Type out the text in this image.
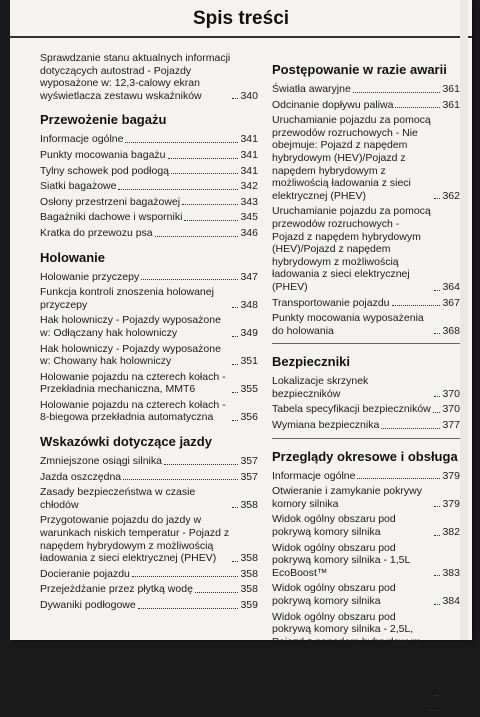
Spis treści
Sprawdzanie stanu aktualnych informacji dotyczących autostrad - Pojazdy wyposażone w: 12,3-calowy ekran wyświetlacza zestawu wskaźników	340
Przewożenie bagażu
Informacje ogólne	341
Punkty mocowania bagażu	341
Tylny schowek pod podłogą	341
Siatki bagażowe	342
Osłony przestrzeni bagażowej	343
Bagażniki dachowe i wsporniki	345
Kratka do przewozu psa	346
Holowanie
Holowanie przyczepy	347
Funkcja kontroli znoszenia holowanej przyczepy	348
Hak holowniczy - Pojazdy wyposażone w: Odłączany hak holowniczy	349
Hak holowniczy - Pojazdy wyposażone w: Chowany hak holowniczy	351
Holowanie pojazdu na czterech kołach - Przekładnia mechaniczna, MMT6	355
Holowanie pojazdu na czterech kołach - 8-biegowa przekładnia automatyczna	356
Wskazówki dotyczące jazdy
Zmniejszone osiągi silnika	357
Jazda oszczędna	357
Zasady bezpieczeństwa w czasie chłodów	358
Przygotowanie pojazdu do jazdy w warunkach niskich temperatur - Pojazd z napędem hybrydowym z możliwością ładowania z sieci elektrycznej (PHEV)	358
Docieranie pojazdu	358
Przejeżdżanie przez płytką wodę	358
Dywaniki podłogowe	359
Postępowanie w razie awarii
Światła awaryjne	361
Odcinanie dopływu paliwa	361
Uruchamianie pojazdu za pomocą przewodów rozruchowych - Nie obejmuje: Pojazd z napędem hybrydowym (HEV)/Pojazd z napędem hybrydowym z możliwością ładowania z sieci elektrycznej (PHEV)	362
Uruchamianie pojazdu za pomocą przewodów rozruchowych - Pojazd z napędem hybrydowym (HEV)/Pojazd z napędem hybrydowym z możliwością ładowania z sieci elektrycznej (PHEV)	364
Transportowanie pojazdu	367
Punkty mocowania wyposażenia do holowania	368
Bezpieczniki
Lokalizacje skrzynek bezpieczników	370
Tabela specyfikacji bezpieczników 370
Wymiana bezpiecznika	377
Przeglądy okresowe i obsługa
Informacje ogólne	379
Otwieranie i zamykanie pokrywy komory silnika	379
Widok ogólny obszaru pod pokrywą komory silnika	382
Widok ogólny obszaru pod pokrywą komory silnika - 1,5L EcoBoost™	383
Widok ogólny obszaru pod pokrywą komory silnika	384
Widok ogólny obszaru pod pokrywą komory silnika - 2,5L, Pojazd z napędem hybrydowym (HEV)/Pojazd z napędem hybrydowym z możliwością ładowania z sieci elektrycznej (PHEV)	385
Miarka poziomu oleju silnikowego 386
